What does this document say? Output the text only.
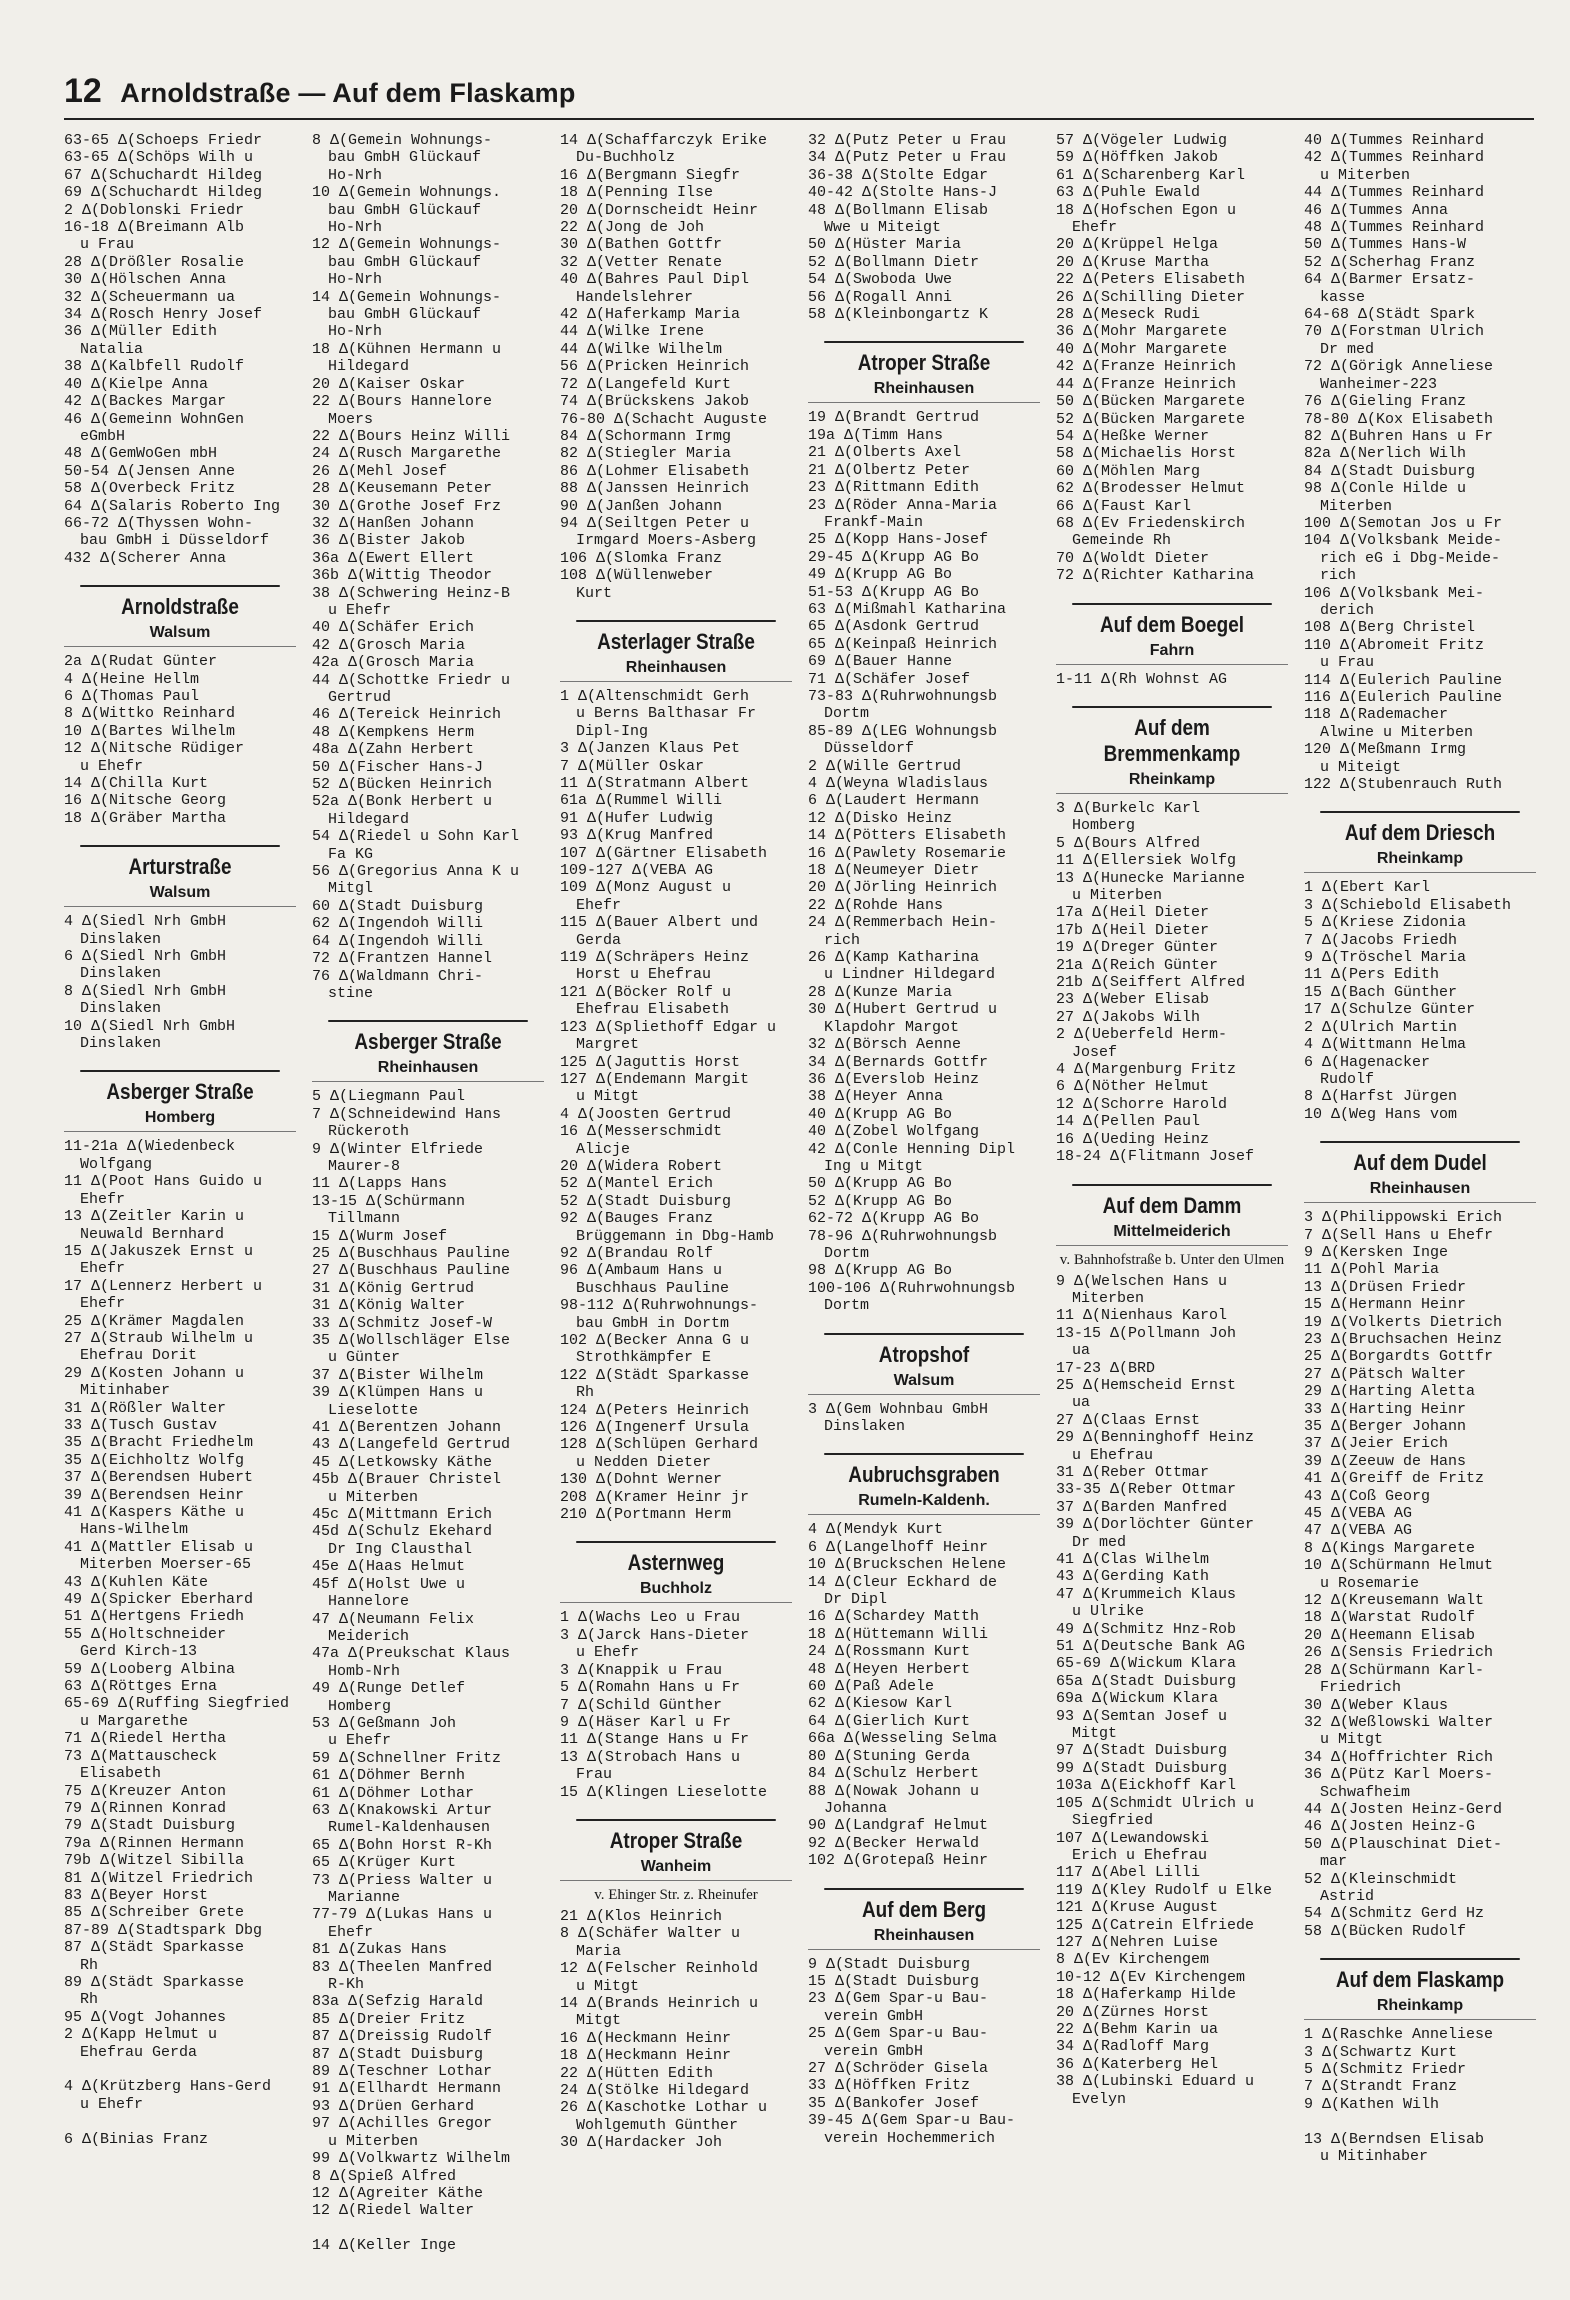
12 Arnoldstraße — Auf dem Flaskamp
63-65 Δ(Schoeps Friedr
63-65 Δ(Schöps Wilh u
67 Δ(Schuchardt Hildeg
69 Δ(Schuchardt Hildeg
2 Δ(Doblonski Friedr
16-18 Δ(Breimann Alb
u Frau
28 Δ(Drößler Rosalie
30 Δ(Hölschen Anna
32 Δ(Scheuermann ua
34 Δ(Rosch Henry Josef
36 Δ(Müller Edith
Natalia
38 Δ(Kalbfell Rudolf
40 Δ(Kielpe Anna
42 Δ(Backes Margar
46 Δ(Gemeinn WohnGen
eGmbH
48 Δ(GemWoGen mbH
50-54 Δ(Jensen Anne
58 Δ(Overbeck Fritz
64 Δ(Salaris Roberto Ing
66-72 Δ(Thyssen Wohn-
bau GmbH i Düsseldorf
432 Δ(Scherer Anna
Arnoldstraße
Walsum
2a Δ(Rudat Günter
4 Δ(Heine Hellm
6 Δ(Thomas Paul
8 Δ(Wittko Reinhard
10 Δ(Bartes Wilhelm
12 Δ(Nitsche Rüdiger
u Ehefr
14 Δ(Chilla Kurt
16 Δ(Nitsche Georg
18 Δ(Gräber Martha
Arturstraße
Walsum
4 Δ(Siedl Nrh GmbH
Dinslaken
6 Δ(Siedl Nrh GmbH
Dinslaken
8 Δ(Siedl Nrh GmbH
Dinslaken
10 Δ(Siedl Nrh GmbH
Dinslaken
Asberger Straße
Homberg
11-21a Δ(Wiedenbeck
Wolfgang
11 Δ(Poot Hans Guido u
Ehefr
13 Δ(Zeitler Karin u
Neuwald Bernhard
15 Δ(Jakuszek Ernst u
Ehefr
17 Δ(Lennerz Herbert u
Ehefr
25 Δ(Krämer Magdalen
27 Δ(Straub Wilhelm u
Ehefrau Dorit
29 Δ(Kosten Johann u
Mitinhaber
31 Δ(Rößler Walter
33 Δ(Tusch Gustav
35 Δ(Bracht Friedhelm
35 Δ(Eichholtz Wolfg
37 Δ(Berendsen Hubert
39 Δ(Berendsen Heinr
41 Δ(Kaspers Käthe u
Hans-Wilhelm
41 Δ(Mattler Elisab u
Miterben Moerser-65
43 Δ(Kuhlen Käte
49 Δ(Spicker Eberhard
51 Δ(Hertgens Friedh
55 Δ(Holtschneider
Gerd Kirch-13
59 Δ(Looberg Albina
63 Δ(Röttges Erna
65-69 Δ(Ruffing Siegfried
u Margarethe
71 Δ(Riedel Hertha
73 Δ(Mattauscheck
Elisabeth
75 Δ(Kreuzer Anton
79 Δ(Rinnen Konrad
79 Δ(Stadt Duisburg
79a Δ(Rinnen Hermann
79b Δ(Witzel Sibilla
81 Δ(Witzel Friedrich
83 Δ(Beyer Horst
85 Δ(Schreiber Grete
87-89 Δ(Stadtspark Dbg
87 Δ(Städt Sparkasse
Rh
89 Δ(Städt Sparkasse
Rh
95 Δ(Vogt Johannes
2 Δ(Kapp Helmut u
Ehefrau Gerda

4 Δ(Krützberg Hans-Gerd
u Ehefr

6 Δ(Binias Franz
8 Δ(Gemein Wohnungs-
bau GmbH Glückauf
Ho-Nrh
10 Δ(Gemein Wohnungs.
bau GmbH Glückauf
Ho-Nrh
12 Δ(Gemein Wohnungs-
bau GmbH Glückauf
Ho-Nrh
14 Δ(Gemein Wohnungs-
bau GmbH Glückauf
Ho-Nrh
18 Δ(Kühnen Hermann u
Hildegard
20 Δ(Kaiser Oskar
22 Δ(Bours Hannelore
Moers
22 Δ(Bours Heinz Willi
24 Δ(Rusch Margarethe
26 Δ(Mehl Josef
28 Δ(Keusemann Peter
30 Δ(Grothe Josef Frz
32 Δ(Hanßen Johann
36 Δ(Bister Jakob
36a Δ(Ewert Ellert
36b Δ(Wittig Theodor
38 Δ(Schwering Heinz-B
u Ehefr
40 Δ(Schäfer Erich
42 Δ(Grosch Maria
42a Δ(Grosch Maria
44 Δ(Schottke Friedr u
Gertrud
46 Δ(Tereick Heinrich
48 Δ(Kempkens Herm
48a Δ(Zahn Herbert
50 Δ(Fischer Hans-J
52 Δ(Bücken Heinrich
52a Δ(Bonk Herbert u
Hildegard
54 Δ(Riedel u Sohn Karl
Fa KG
56 Δ(Gregorius Anna K u
Mitgl
60 Δ(Stadt Duisburg
62 Δ(Ingendoh Willi
64 Δ(Ingendoh Willi
72 Δ(Frantzen Hannel
76 Δ(Waldmann Chri-
stine
Asberger Straße
Rheinhausen
5 Δ(Liegmann Paul
7 Δ(Schneidewind Hans
Rückeroth
9 Δ(Winter Elfriede
Maurer-8
11 Δ(Lapps Hans
13-15 Δ(Schürmann
Tillmann
15 Δ(Wurm Josef
25 Δ(Buschhaus Pauline
27 Δ(Buschhaus Pauline
31 Δ(König Gertrud
31 Δ(König Walter
33 Δ(Schmitz Josef-W
35 Δ(Wollschläger Else
u Günter
37 Δ(Bister Wilhelm
39 Δ(Klümpen Hans u
Lieselotte
41 Δ(Berentzen Johann
43 Δ(Langefeld Gertrud
45 Δ(Letkowsky Käthe
45b Δ(Brauer Christel
u Miterben
45c Δ(Mittmann Erich
45d Δ(Schulz Ekehard
Dr Ing Clausthal
45e Δ(Haas Helmut
45f Δ(Holst Uwe u
Hannelore
47 Δ(Neumann Felix
Meiderich
47a Δ(Preukschat Klaus
Homb-Nrh
49 Δ(Runge Detlef
Homberg
53 Δ(Geßmann Joh
u Ehefr
59 Δ(Schnellner Fritz
61 Δ(Döhmer Bernh
61 Δ(Döhmer Lothar
63 Δ(Knakowski Artur
Rumel-Kaldenhausen
65 Δ(Bohn Horst R-Kh
65 Δ(Krüger Kurt
73 Δ(Priess Walter u
Marianne
77-79 Δ(Lukas Hans u
Ehefr
81 Δ(Zukas Hans
83 Δ(Theelen Manfred
R-Kh
83a Δ(Sefzig Harald
85 Δ(Dreier Fritz
87 Δ(Dreissig Rudolf
87 Δ(Stadt Duisburg
89 Δ(Teschner Lothar
91 Δ(Ellhardt Hermann
93 Δ(Drüen Gerhard
97 Δ(Achilles Gregor
u Miterben
99 Δ(Volkwartz Wilhelm
8 Δ(Spieß Alfred
12 Δ(Agreiter Käthe
12 Δ(Riedel Walter

14 Δ(Keller Inge
14 Δ(Schaffarczyk Erike
Du-Buchholz
16 Δ(Bergmann Siegfr
18 Δ(Penning Ilse
20 Δ(Dornscheidt Heinr
22 Δ(Jong de Joh
30 Δ(Bathen Gottfr
32 Δ(Vetter Renate
40 Δ(Bahres Paul Dipl
Handelslehrer
42 Δ(Haferkamp Maria
44 Δ(Wilke Irene
44 Δ(Wilke Wilhelm
56 Δ(Pricken Heinrich
72 Δ(Langefeld Kurt
74 Δ(Brückskens Jakob
76-80 Δ(Schacht Auguste
84 Δ(Schormann Irmg
82 Δ(Stiegler Maria
86 Δ(Lohmer Elisabeth
88 Δ(Janssen Heinrich
90 Δ(Janßen Johann
94 Δ(Seiltgen Peter u
Irmgard Moers-Asberg
106 Δ(Slomka Franz
108 Δ(Wüllenweber
Kurt
Asterlager Straße
Rheinhausen
1 Δ(Altenschmidt Gerh
u Berns Balthasar Fr
Dipl-Ing
3 Δ(Janzen Klaus Pet
7 Δ(Müller Oskar
11 Δ(Stratmann Albert
61a Δ(Rummel Willi
91 Δ(Hufer Ludwig
93 Δ(Krug Manfred
107 Δ(Gärtner Elisabeth
109-127 Δ(VEBA AG
109 Δ(Monz August u
Ehefr
115 Δ(Bauer Albert und
Gerda
119 Δ(Schräpers Heinz
Horst u Ehefrau
121 Δ(Böcker Rolf u
Ehefrau Elisabeth
123 Δ(Spliethoff Edgar u
Margret
125 Δ(Jaguttis Horst
127 Δ(Endemann Margit
u Mitgt
4 Δ(Joosten Gertrud
16 Δ(Messerschmidt
Alicje
20 Δ(Widera Robert
52 Δ(Mantel Erich
52 Δ(Stadt Duisburg
92 Δ(Bauges Franz
Brüggemann in Dbg-Hamb
92 Δ(Brandau Rolf
96 Δ(Ambaum Hans u
Buschhaus Pauline
98-112 Δ(Ruhrwohnungs-
bau GmbH in Dortm
102 Δ(Becker Anna G u
Strothkämpfer E
122 Δ(Städt Sparkasse
Rh
124 Δ(Peters Heinrich
126 Δ(Ingenerf Ursula
128 Δ(Schlüpen Gerhard
u Nedden Dieter
130 Δ(Dohnt Werner
208 Δ(Kramer Heinr jr
210 Δ(Portmann Herm
Asternweg
Buchholz
1 Δ(Wachs Leo u Frau
3 Δ(Jarck Hans-Dieter
u Ehefr
3 Δ(Knappik u Frau
5 Δ(Romahn Hans u Fr
7 Δ(Schild Günther
9 Δ(Häser Karl u Fr
11 Δ(Stange Hans u Fr
13 Δ(Strobach Hans u
Frau
15 Δ(Klingen Lieselotte
Atroper Straße
Wanheim
v. Ehinger Str. z. Rheinufer
21 Δ(Klos Heinrich
8 Δ(Schäfer Walter u
Maria
12 Δ(Felscher Reinhold
u Mitgt
14 Δ(Brands Heinrich u
Mitgt
16 Δ(Heckmann Heinr
18 Δ(Heckmann Heinr
22 Δ(Hütten Edith
24 Δ(Stölke Hildegard
26 Δ(Kaschotke Lothar u
Wohlgemuth Günther
30 Δ(Hardacker Joh
32 Δ(Putz Peter u Frau
34 Δ(Putz Peter u Frau
36-38 Δ(Stolte Edgar
40-42 Δ(Stolte Hans-J
48 Δ(Bollmann Elisab
Wwe u Miteigt
50 Δ(Hüster Maria
52 Δ(Bollmann Dietr
54 Δ(Swoboda Uwe
56 Δ(Rogall Anni
58 Δ(Kleinbongartz K
Atroper Straße
Rheinhausen
19 Δ(Brandt Gertrud
19a Δ(Timm Hans
21 Δ(Olberts Axel
21 Δ(Olbertz Peter
23 Δ(Rittmann Edith
23 Δ(Röder Anna-Maria
Frankf-Main
25 Δ(Kopp Hans-Josef
29-45 Δ(Krupp AG Bo
49 Δ(Krupp AG Bo
51-53 Δ(Krupp AG Bo
63 Δ(Mißmahl Katharina
65 Δ(Asdonk Gertrud
65 Δ(Keinpaß Heinrich
69 Δ(Bauer Hanne
71 Δ(Schäfer Josef
73-83 Δ(Ruhrwohnungsb
Dortm
85-89 Δ(LEG Wohnungsb
Düsseldorf
2 Δ(Wille Gertrud
4 Δ(Weyna Wladislaus
6 Δ(Laudert Hermann
12 Δ(Disko Heinz
14 Δ(Pötters Elisabeth
16 Δ(Pawlety Rosemarie
18 Δ(Neumeyer Dietr
20 Δ(Jörling Heinrich
22 Δ(Rohde Hans
24 Δ(Remmerbach Hein-
rich
26 Δ(Kamp Katharina
u Lindner Hildegard
28 Δ(Kunze Maria
30 Δ(Hubert Gertrud u
Klapdohr Margot
32 Δ(Börsch Aenne
34 Δ(Bernards Gottfr
36 Δ(Everslob Heinz
38 Δ(Heyer Anna
40 Δ(Krupp AG Bo
40 Δ(Zobel Wolfgang
42 Δ(Conle Henning Dipl
Ing u Mitgt
50 Δ(Krupp AG Bo
52 Δ(Krupp AG Bo
62-72 Δ(Krupp AG Bo
78-96 Δ(Ruhrwohnungsb
Dortm
98 Δ(Krupp AG Bo
100-106 Δ(Ruhrwohnungsb
Dortm
Atropshof
Walsum
3 Δ(Gem Wohnbau GmbH
Dinslaken
Aubruchsgraben
Rumeln-Kaldenh.
4 Δ(Mendyk Kurt
6 Δ(Langelhoff Heinr
10 Δ(Bruckschen Helene
14 Δ(Cleur Eckhard de
Dr Dipl
16 Δ(Schardey Matth
18 Δ(Hüttemann Willi
24 Δ(Rossmann Kurt
48 Δ(Heyen Herbert
60 Δ(Paß Adele
62 Δ(Kiesow Karl
64 Δ(Gierlich Kurt
66a Δ(Wesseling Selma
80 Δ(Stuning Gerda
84 Δ(Schulz Herbert
88 Δ(Nowak Johann u
Johanna
90 Δ(Landgraf Helmut
92 Δ(Becker Herwald
102 Δ(Grotepaß Heinr
Auf dem Berg
Rheinhausen
9 Δ(Stadt Duisburg
15 Δ(Stadt Duisburg
23 Δ(Gem Spar-u Bau-
verein GmbH
25 Δ(Gem Spar-u Bau-
verein GmbH
27 Δ(Schröder Gisela
33 Δ(Höffken Fritz
35 Δ(Bankofer Josef
39-45 Δ(Gem Spar-u Bau-
verein Hochemmerich
57 Δ(Vögeler Ludwig
59 Δ(Höffken Jakob
61 Δ(Scharenberg Karl
63 Δ(Puhle Ewald
18 Δ(Hofschen Egon u
Ehefr
20 Δ(Krüppel Helga
20 Δ(Kruse Martha
22 Δ(Peters Elisabeth
26 Δ(Schilling Dieter
28 Δ(Meseck Rudi
36 Δ(Mohr Margarete
40 Δ(Mohr Margarete
42 Δ(Franze Heinrich
44 Δ(Franze Heinrich
50 Δ(Bücken Margarete
52 Δ(Bücken Margarete
54 Δ(Heßke Werner
58 Δ(Michaelis Horst
60 Δ(Möhlen Marg
62 Δ(Brodesser Helmut
66 Δ(Faust Karl
68 Δ(Ev Friedenskirch
Gemeinde Rh
70 Δ(Woldt Dieter
72 Δ(Richter Katharina
Auf dem Boegel
Fahrn
1-11 Δ(Rh Wohnst AG
Auf dem Bremmenkamp
Rheinkamp
3 Δ(Burkelc Karl
Homberg
5 Δ(Bours Alfred
11 Δ(Ellersiek Wolfg
13 Δ(Hunecke Marianne
u Miterben
17a Δ(Heil Dieter
17b Δ(Heil Dieter
19 Δ(Dreger Günter
21a Δ(Reich Günter
21b Δ(Seiffert Alfred
23 Δ(Weber Elisab
27 Δ(Jakobs Wilh
2 Δ(Ueberfeld Herm-
Josef
4 Δ(Margenburg Fritz
6 Δ(Nöther Helmut
12 Δ(Schorre Harold
14 Δ(Pellen Paul
16 Δ(Ueding Heinz
18-24 Δ(Flitmann Josef
Auf dem Damm
Mittelmeiderich
v. Bahnhofstraße b. Unter den Ulmen
9 Δ(Welschen Hans u
Miterben
11 Δ(Nienhaus Karol
13-15 Δ(Pollmann Joh
ua
17-23 Δ(BRD
25 Δ(Hemscheid Ernst
ua
27 Δ(Claas Ernst
29 Δ(Benninghoff Heinz
u Ehefrau
31 Δ(Reber Ottmar
33-35 Δ(Reber Ottmar
37 Δ(Barden Manfred
39 Δ(Dorlöchter Günter
Dr med
41 Δ(Clas Wilhelm
43 Δ(Gerding Kath
47 Δ(Krummeich Klaus
u Ulrike
49 Δ(Schmitz Hnz-Rob
51 Δ(Deutsche Bank AG
65-69 Δ(Wickum Klara
65a Δ(Stadt Duisburg
69a Δ(Wickum Klara
93 Δ(Semtan Josef u
Mitgt
97 Δ(Stadt Duisburg
99 Δ(Stadt Duisburg
103a Δ(Eickhoff Karl
105 Δ(Schmidt Ulrich u
Siegfried
107 Δ(Lewandowski
Erich u Ehefrau
117 Δ(Abel Lilli
119 Δ(Kley Rudolf u Elke
121 Δ(Kruse August
125 Δ(Catrein Elfriede
127 Δ(Nehren Luise
8 Δ(Ev Kirchengem
10-12 Δ(Ev Kirchengem
18 Δ(Haferkamp Hilde
20 Δ(Zürnes Horst
22 Δ(Behm Karin ua
34 Δ(Radloff Marg
36 Δ(Katerberg Hel
38 Δ(Lubinski Eduard u
Evelyn
40 Δ(Tummes Reinhard
42 Δ(Tummes Reinhard
u Miterben
44 Δ(Tummes Reinhard
46 Δ(Tummes Anna
48 Δ(Tummes Reinhard
50 Δ(Tummes Hans-W
52 Δ(Scherhag Franz
64 Δ(Barmer Ersatz-
kasse
64-68 Δ(Städt Spark
70 Δ(Forstman Ulrich
Dr med
72 Δ(Görigk Anneliese
Wanheimer-223
76 Δ(Gieling Franz
78-80 Δ(Kox Elisabeth
82 Δ(Buhren Hans u Fr
82a Δ(Nerlich Wilh
84 Δ(Stadt Duisburg
98 Δ(Conle Hilde u
Miterben
100 Δ(Semotan Jos u Fr
104 Δ(Volksbank Meide-
rich eG i Dbg-Meide-
rich
106 Δ(Volksbank Mei-
derich
108 Δ(Berg Christel
110 Δ(Abromeit Fritz
u Frau
114 Δ(Eulerich Pauline
116 Δ(Eulerich Pauline
118 Δ(Rademacher
Alwine u Miterben
120 Δ(Meßmann Irmg
u Miteigt
122 Δ(Stubenrauch Ruth
Auf dem Driesch
Rheinkamp
1 Δ(Ebert Karl
3 Δ(Schiebold Elisabeth
5 Δ(Kriese Zidonia
7 Δ(Jacobs Friedh
9 Δ(Tröschel Maria
11 Δ(Pers Edith
15 Δ(Bach Günther
17 Δ(Schulze Günter
2 Δ(Ulrich Martin
4 Δ(Wittmann Helma
6 Δ(Hagenacker
Rudolf
8 Δ(Harfst Jürgen
10 Δ(Weg Hans vom
Auf dem Dudel
Rheinhausen
3 Δ(Philippowski Erich
7 Δ(Sell Hans u Ehefr
9 Δ(Kersken Inge
11 Δ(Pohl Maria
13 Δ(Drüsen Friedr
15 Δ(Hermann Heinr
19 Δ(Volkerts Dietrich
23 Δ(Bruchsachen Heinz
25 Δ(Borgardts Gottfr
27 Δ(Pätsch Walter
29 Δ(Harting Aletta
33 Δ(Harting Heinr
35 Δ(Berger Johann
37 Δ(Jeier Erich
39 Δ(Zeeuw de Hans
41 Δ(Greiff de Fritz
43 Δ(Coß Georg
45 Δ(VEBA AG
47 Δ(VEBA AG
8 Δ(Kings Margarete
10 Δ(Schürmann Helmut
u Rosemarie
12 Δ(Kreusemann Walt
18 Δ(Warstat Rudolf
20 Δ(Heemann Elisab
26 Δ(Sensis Friedrich
28 Δ(Schürmann Karl-
Friedrich
30 Δ(Weber Klaus
32 Δ(Weßlowski Walter
u Mitgt
34 Δ(Hoffrichter Rich
36 Δ(Pütz Karl Moers-
Schwafheim
44 Δ(Josten Heinz-Gerd
46 Δ(Josten Heinz-G
50 Δ(Plauschinat Diet-
mar
52 Δ(Kleinschmidt
Astrid
54 Δ(Schmitz Gerd Hz
58 Δ(Bücken Rudolf
Auf dem Flaskamp
Rheinkamp
1 Δ(Raschke Anneliese
3 Δ(Schwartz Kurt
5 Δ(Schmitz Friedr
7 Δ(Strandt Franz
9 Δ(Kathen Wilh

13 Δ(Berndsen Elisab
u Mitinhaber
